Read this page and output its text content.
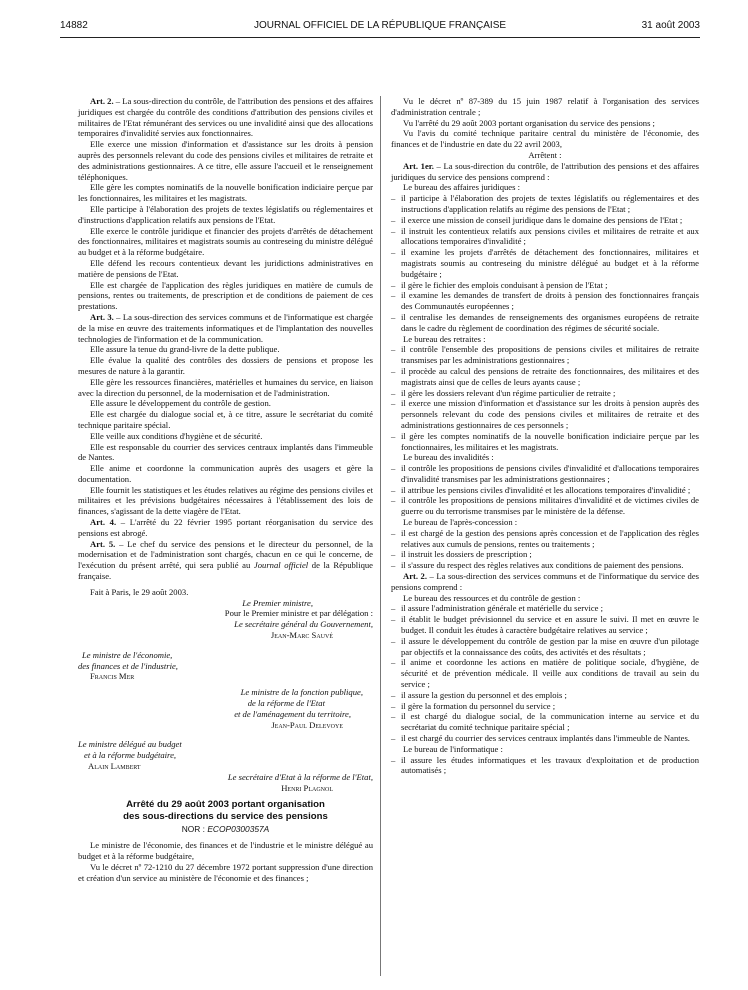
14882	JOURNAL OFFICIEL DE LA RÉPUBLIQUE FRANÇAISE	31 août 2003

Art. 2. – La sous-direction du contrôle, de l'attribution des pensions et des affaires juridiques est chargée du contrôle des conditions d'attribution des pensions civiles et militaires de l'Etat rémunérant des services ou une invalidité ainsi que des allocations temporaires d'invalidité servies aux fonctionnaires.

Elle exerce une mission d'information et d'assistance sur les droits à pension auprès des personnels relevant du code des pensions civiles et militaires de retraite et des administrations gestionnaires. A ce titre, elle assure l'accueil et le renseignement téléphoniques.

Elle gère les comptes nominatifs de la nouvelle bonification indiciaire perçue par les fonctionnaires, les militaires et les magistrats.

Elle participe à l'élaboration des projets de textes législatifs ou réglementaires et d'instructions d'application relatifs aux pensions de l'Etat.

Elle exerce le contrôle juridique et financier des projets d'arrêtés de détachement des fonctionnaires, militaires et magistrats soumis au contreseing du ministre délégué au budget et à la réforme budgétaire.

Elle défend les recours contentieux devant les juridictions administratives en matière de pensions de l'Etat.

Elle est chargée de l'application des règles juridiques en matière de cumuls de pensions, rentes ou traitements, de prescription et de conditions de paiement de ces prestations.

Art. 3. – La sous-direction des services communs et de l'informatique est chargée de la mise en œuvre des traitements informatiques et de l'implantation des nouvelles technologies de l'information et de la communication.

Elle assure la tenue du grand-livre de la dette publique.

Elle évalue la qualité des contrôles des dossiers de pensions et propose les mesures de nature à la garantir.

Elle gère les ressources financières, matérielles et humaines du service, en liaison avec la direction du personnel, de la modernisation et de l'administration.

Elle assure le développement du contrôle de gestion.

Elle est chargée du dialogue social et, à ce titre, assure le secrétariat du comité technique paritaire spécial.

Elle veille aux conditions d'hygiène et de sécurité.

Elle est responsable du courrier des services centraux implantés dans l'immeuble de Nantes.

Elle anime et coordonne la communication auprès des usagers et gère la documentation.

Elle fournit les statistiques et les études relatives au régime des pensions civiles et militaires et les prévisions budgétaires nécessaires à l'établissement des lois de finances, s'agissant de la dette viagère de l'Etat.

Art. 4. – L'arrêté du 22 février 1995 portant réorganisation du service des pensions est abrogé.

Art. 5. – Le chef du service des pensions et le directeur du personnel, de la modernisation et de l'administration sont chargés, chacun en ce qui le concerne, de l'exécution du présent arrêté, qui sera publié au Journal officiel de la République française.

Fait à Paris, le 29 août 2003.

Le Premier ministre,

Pour le Premier ministre et par délégation :

Le secrétaire général du Gouvernement,

Jean-Marc Sauvé

Le ministre de l'économie,

des finances et de l'industrie,

Francis Mer

Le ministre de la fonction publique,

de la réforme de l'Etat

et de l'aménagement du territoire,

Jean-Paul Delevoye

Le ministre délégué au budget

et à la réforme budgétaire,

Alain Lambert

Le secrétaire d'Etat à la réforme de l'Etat,

Henri Plagnol

Arrêté du 29 août 2003 portant organisation
des sous-directions du service des pensions
NOR : ECOP0300357A

Le ministre de l'économie, des finances et de l'industrie et le ministre délégué au budget et à la réforme budgétaire,

Vu le décret nº 72-1210 du 27 décembre 1972 portant suppression d'une direction et création d'un service au ministère de l'économie et des finances ;

Vu le décret nº 87-389 du 15 juin 1987 relatif à l'organisation des services d'administration centrale ;

Vu l'arrêté du 29 août 2003 portant organisation du service des pensions ;

Vu l'avis du comité technique paritaire central du ministère de l'économie, des finances et de l'industrie en date du 22 avril 2003,

Arrêtent :

Art. 1er. – La sous-direction du contrôle, de l'attribution des pensions et des affaires juridiques du service des pensions comprend :

Le bureau des affaires juridiques :

– il participe à l'élaboration des projets de textes législatifs ou réglementaires et des instructions d'application relatifs au régime des pensions de l'Etat ;
– il exerce une mission de conseil juridique dans le domaine des pensions de l'Etat ;
– il instruit les contentieux relatifs aux pensions civiles et militaires de retraite et aux allocations temporaires d'invalidité ;
– il examine les projets d'arrêtés de détachement des fonctionnaires, militaires et magistrats soumis au contreseing du ministre délégué au budget et à la réforme budgétaire ;
– il gère le fichier des emplois conduisant à pension de l'Etat ;
– il examine les demandes de transfert de droits à pension des fonctionnaires français des Communautés européennes ;
– il centralise les demandes de renseignements des organismes européens de retraite dans le cadre du règlement de coordination des régimes de sécurité sociale.

Le bureau des retraites :

– il contrôle l'ensemble des propositions de pensions civiles et militaires de retraite transmises par les administrations gestionnaires ;
– il procède au calcul des pensions de retraite des fonctionnaires, des militaires et des magistrats ainsi que de celles de leurs ayants cause ;
– il gère les dossiers relevant d'un régime particulier de retraite ;
– il exerce une mission d'information et d'assistance sur les droits à pension auprès des personnels relevant du code des pensions civiles et militaires de retraite et des administrations gestionnaires de ces personnels ;
– il gère les comptes nominatifs de la nouvelle bonification indiciaire perçue par les fonctionnaires, les militaires et les magistrats.

Le bureau des invalidités :

– il contrôle les propositions de pensions civiles d'invalidité et d'allocations temporaires d'invalidité transmises par les administrations gestionnaires ;
– il attribue les pensions civiles d'invalidité et les allocations temporaires d'invalidité ;
– il contrôle les propositions de pensions militaires d'invalidité et de victimes civiles de guerre ou du terrorisme transmises par le ministère de la défense.

Le bureau de l'après-concession :

– il est chargé de la gestion des pensions après concession et de l'application des règles relatives aux cumuls de pensions, rentes ou traitements ;
– il instruit les dossiers de prescription ;
– il s'assure du respect des règles relatives aux conditions de paiement des pensions.

Art. 2. – La sous-direction des services communs et de l'informatique du service des pensions comprend :

Le bureau des ressources et du contrôle de gestion :

– il assure l'administration générale et matérielle du service ;
– il établit le budget prévisionnel du service et en assure le suivi. Il met en œuvre le budget. Il conduit les études à caractère budgétaire relatives au service ;
– il assure le développement du contrôle de gestion par la mise en œuvre d'un pilotage par objectifs et la connaissance des coûts, des activités et des résultats ;
– il anime et coordonne les actions en matière de politique sociale, d'hygiène, de sécurité et de prévention médicale. Il veille aux conditions de travail au sein du service ;
– il assure la gestion du personnel et des emplois ;
– il gère la formation du personnel du service ;
– il est chargé du dialogue social, de la communication interne au service et du secrétariat du comité technique paritaire spécial ;
– il est chargé du courrier des services centraux implantés dans l'immeuble de Nantes.

Le bureau de l'informatique :

– il assure les études informatiques et les travaux d'exploitation et de production automatisés ;
